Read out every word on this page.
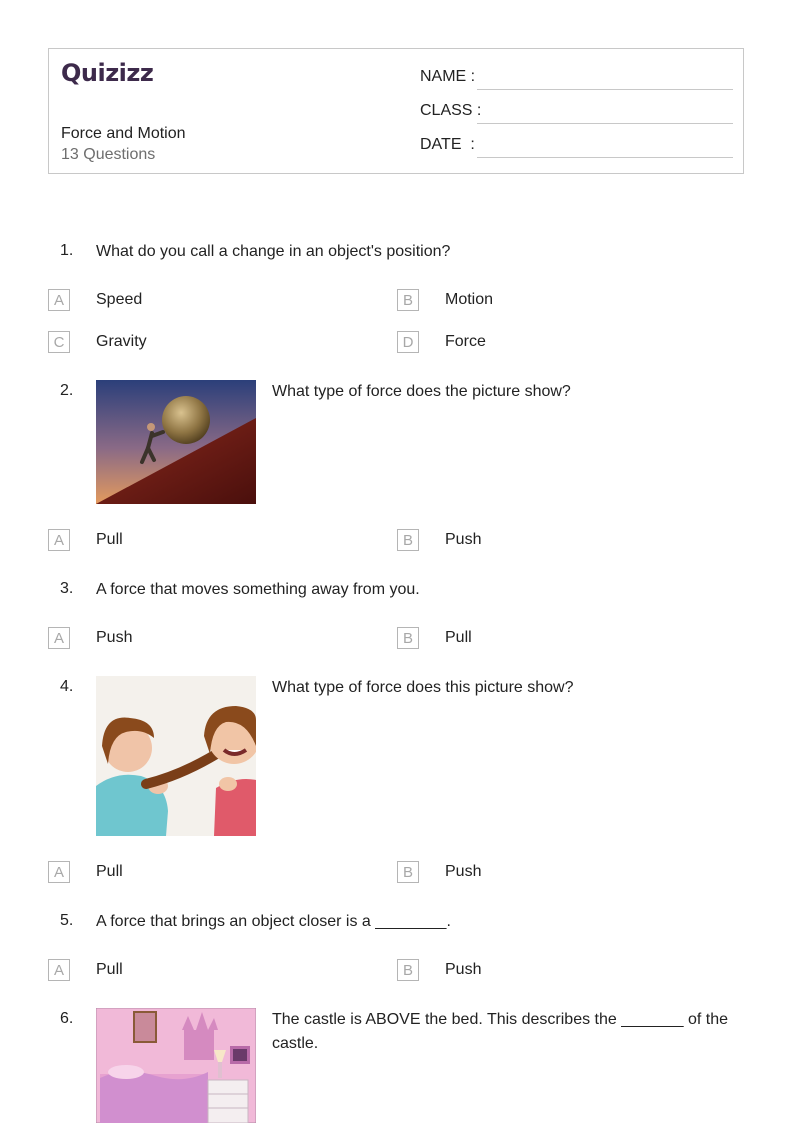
Quizizz
Force and Motion
13 Questions
NAME :
CLASS :
DATE  :
1. What do you call a change in an object's position?
A	Speed	B	Motion
C	Gravity	D	Force
2.	What type of force does the picture show?
A	Pull	B	Push
3. A force that moves something away from you.
A	Push	B	Pull
4.	What type of force does this picture show?
A	Pull	B	Push
5. A force that brings an object closer is a ________.
A	Pull	B	Push
6.	The castle is ABOVE the bed. This describes the _______ of the castle.
